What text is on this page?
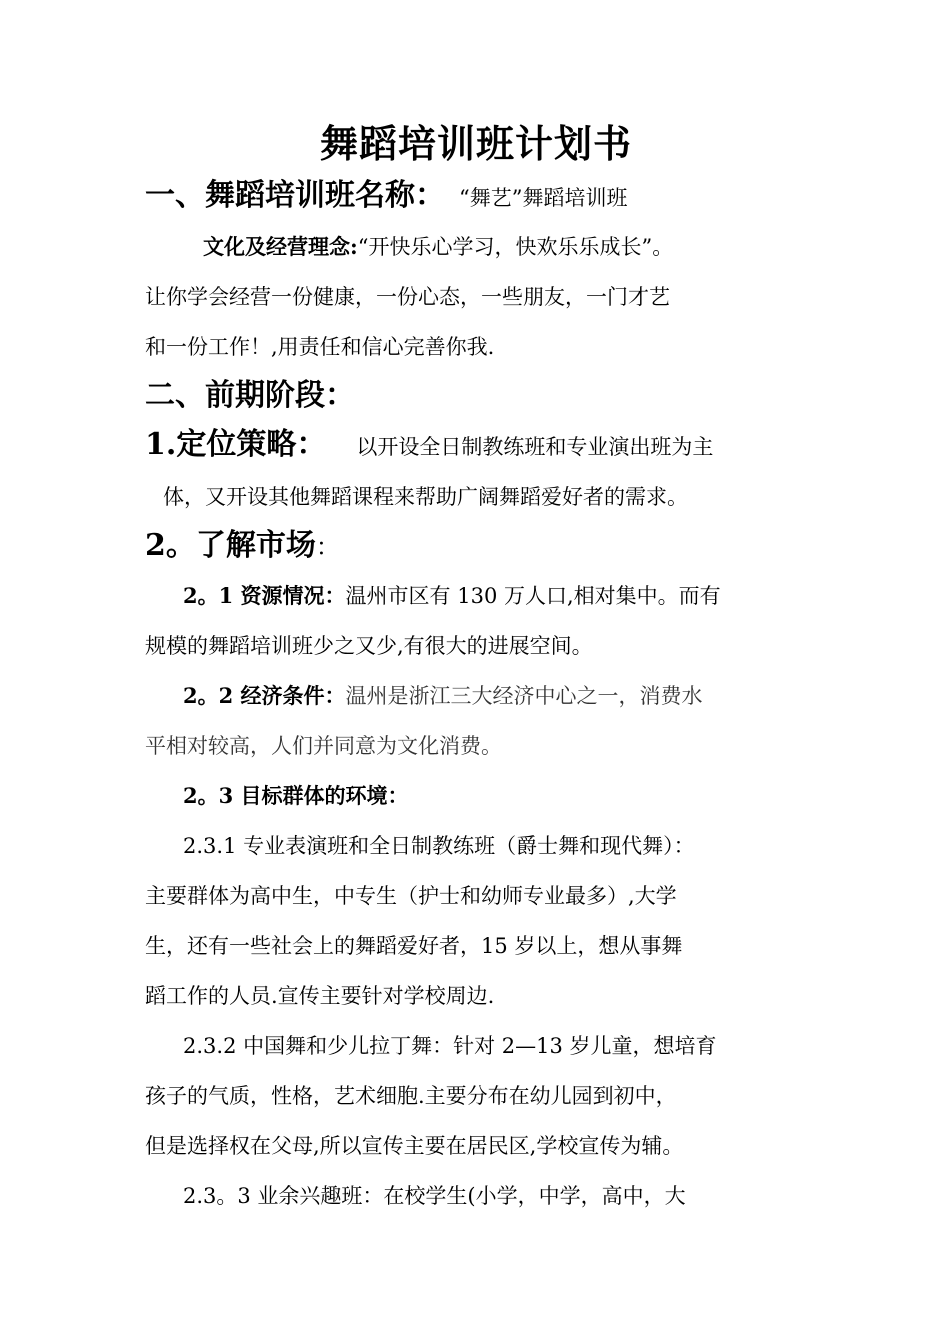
舞蹈培训班计划书
一、舞蹈培训班名称： “舞艺”舞蹈培训班
文化及经营理念:“开快乐心学习，快欢乐乐成长”。
让你学会经营一份健康，一份心态，一些朋友，一门才艺
和一份工作！,用责任和信心完善你我.
二、前期阶段：
1.定位策略： 以开设全日制教练班和专业演出班为主
体，又开设其他舞蹈课程来帮助广阔舞蹈爱好者的需求。
2。了解市场：
2。1 资源情况：温州市区有 130 万人口,相对集中。而有
规模的舞蹈培训班少之又少,有很大的进展空间。
2。2 经济条件：温州是浙江三大经济中心之一，消费水
平相对较高，人们并同意为文化消费。
2。3 目标群体的环境：
2.3.1 专业表演班和全日制教练班（爵士舞和现代舞）：
主要群体为高中生，中专生（护士和幼师专业最多）,大学
生，还有一些社会上的舞蹈爱好者，15 岁以上，想从事舞
蹈工作的人员.宣传主要针对学校周边.
2.3.2 中国舞和少儿拉丁舞：针对 2—13 岁儿童，想培育
孩子的气质，性格，艺术细胞.主要分布在幼儿园到初中，
但是选择权在父母,所以宣传主要在居民区,学校宣传为辅。
2.3。3 业余兴趣班：在校学生(小学，中学，高中，大
